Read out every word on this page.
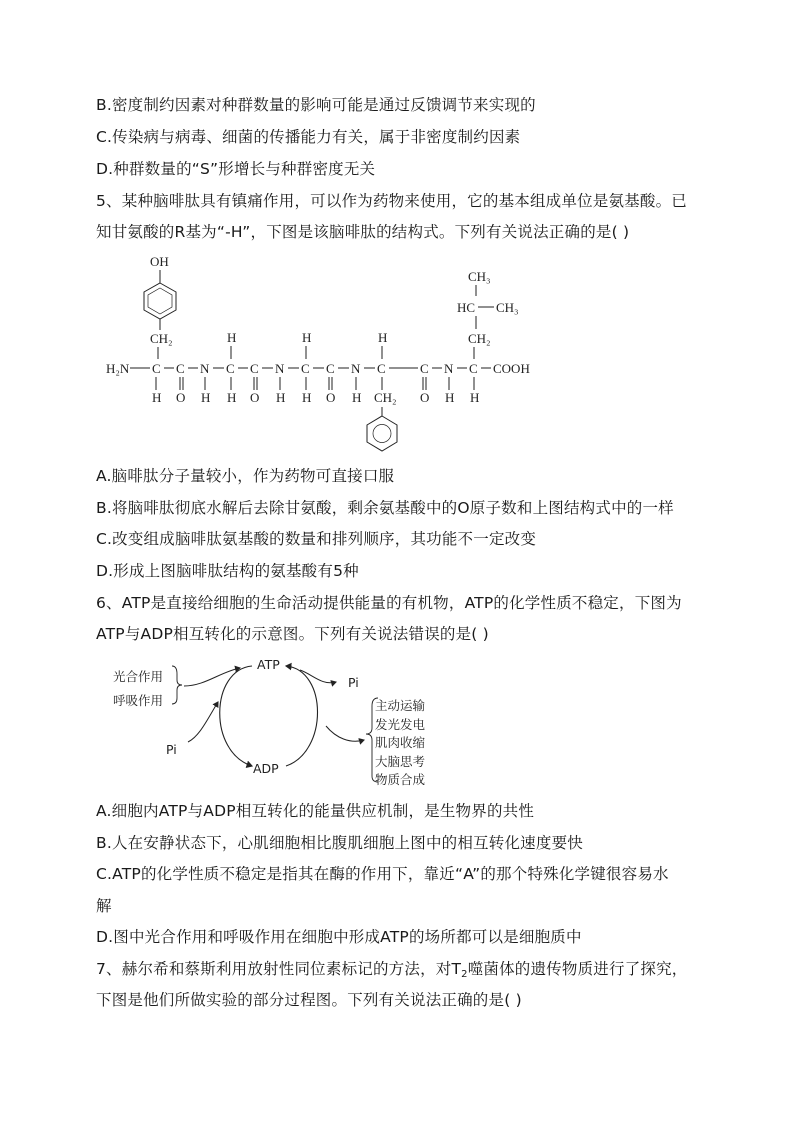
B.密度制约因素对种群数量的影响可能是通过反馈调节来实现的
C.传染病与病毒、细菌的传播能力有关，属于非密度制约因素
D.种群数量的“S”形增长与种群密度无关
5、某种脑啡肽具有镇痛作用，可以作为药物来使用，它的基本组成单位是氨基酸。已
知甘氨酸的R基为“-H”，下图是该脑啡肽的结构式。下列有关说法正确的是( )
OH
CH₂
H₂N C C N C C N C C N C	C N C COOH
H	H	H
CH₃
HC CH₃
CH₂
H O H H O H H O H CH₂ O H H
A.脑啡肽分子量较小，作为药物可直接口服
B.将脑啡肽彻底水解后去除甘氨酸，剩余氨基酸中的O原子数和上图结构式中的一样
C.改变组成脑啡肽氨基酸的数量和排列顺序，其功能不一定改变
D.形成上图脑啡肽结构的氨基酸有5种
6、ATP是直接给细胞的生命活动提供能量的有机物，ATP的化学性质不稳定，下图为
ATP与ADP相互转化的示意图。下列有关说法错误的是( )
ATP
ADP
Pi
Pi
光合作用
呼吸作用	主动运输
发光发电
肌肉收缩
大脑思考
物质合成
A.细胞内ATP与ADP相互转化的能量供应机制，是生物界的共性
B.人在安静状态下，心肌细胞相比腹肌细胞上图中的相互转化速度要快
C.ATP的化学性质不稳定是指其在酶的作用下，靠近“A”的那个特殊化学键很容易水
解
D.图中光合作用和呼吸作用在细胞中形成ATP的场所都可以是细胞质中
7、赫尔希和蔡斯利用放射性同位素标记的方法，对$T_2$噬菌体的遗传物质进行了探究，
下图是他们所做实验的部分过程图。下列有关说法正确的是( )
